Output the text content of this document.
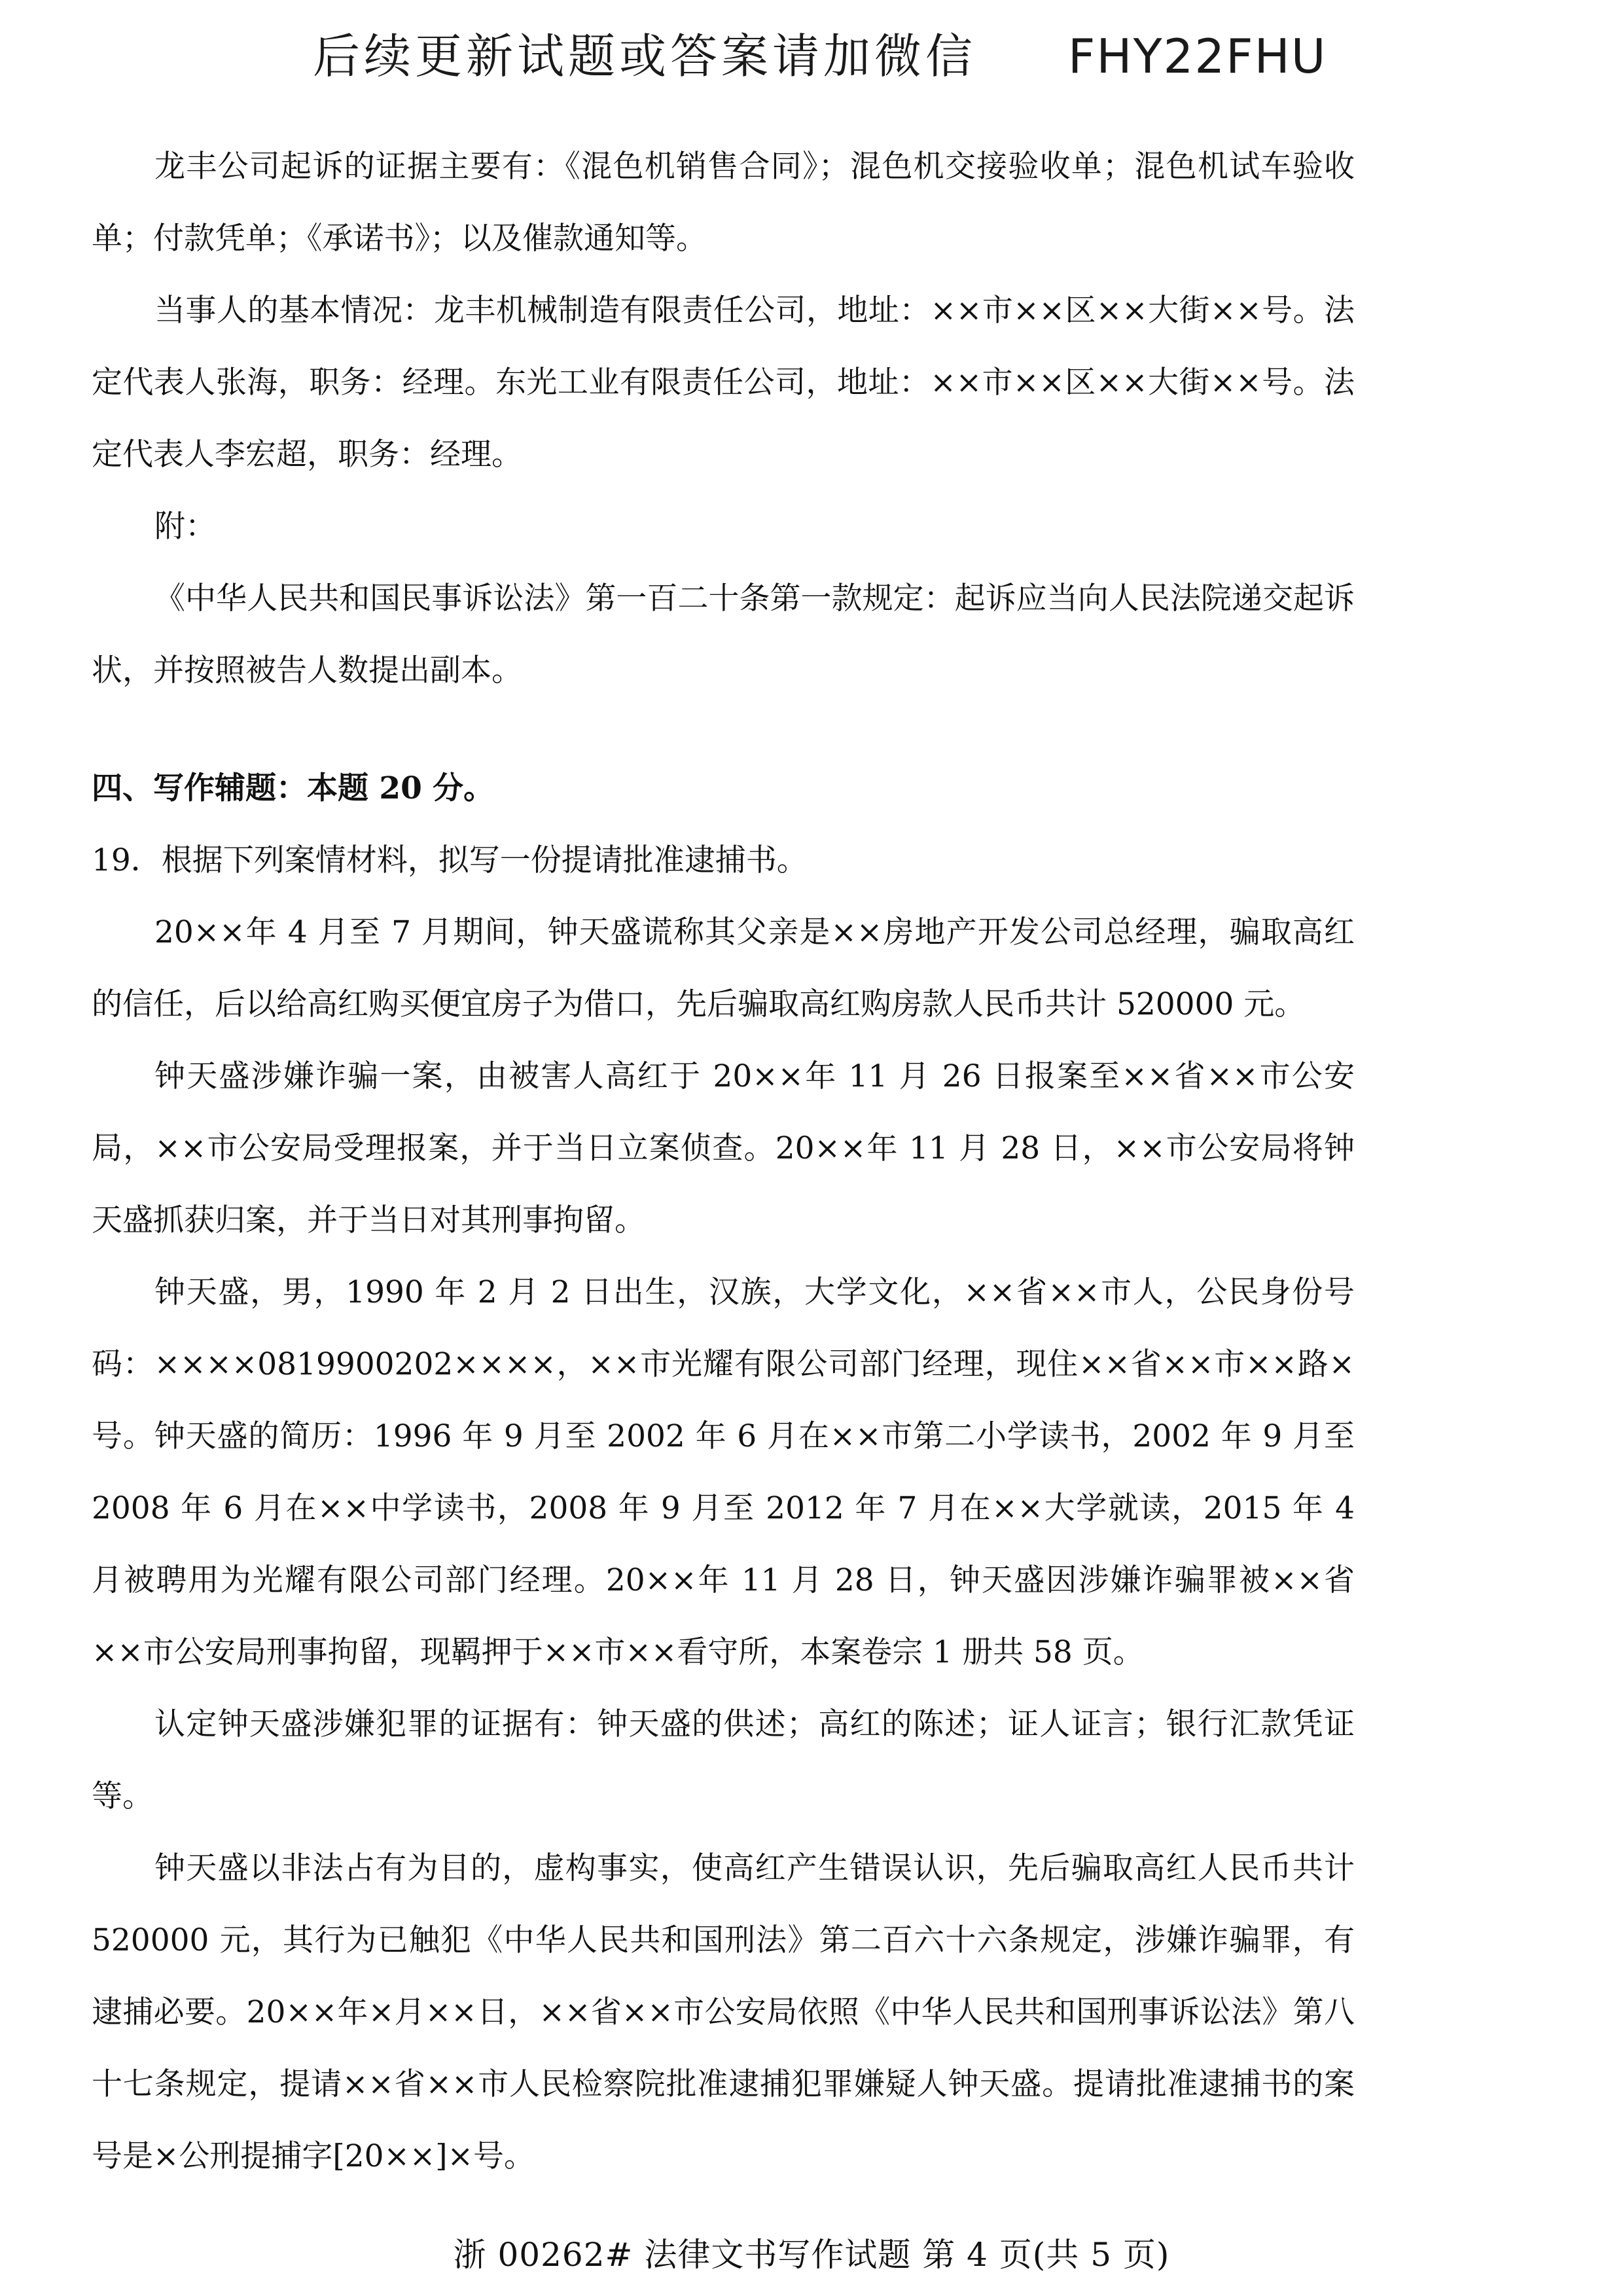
后续更新试题或答案请加微信 FHY22FHU

龙丰公司起诉的证据主要有：《混色机销售合同》；混色机交接验收单；混色机试车验收单；付款凭单；《承诺书》；以及催款通知等。

当事人的基本情况：龙丰机械制造有限责任公司，地址：××市××区××大街××号。法定代表人张海，职务：经理。东光工业有限责任公司，地址：××市××区××大街××号。法定代表人李宏超，职务：经理。

附：

《中华人民共和国民事诉讼法》第一百二十条第一款规定：起诉应当向人民法院递交起诉状，并按照被告人数提出副本。

四、写作辅题：本题 20 分。

19．根据下列案情材料，拟写一份提请批准逮捕书。

20××年 4 月至 7 月期间，钟天盛谎称其父亲是××房地产开发公司总经理，骗取高红的信任，后以给高红购买便宜房子为借口，先后骗取高红购房款人民币共计 520000 元。

钟天盛涉嫌诈骗一案，由被害人高红于 20××年 11 月 26 日报案至××省××市公安局，××市公安局受理报案，并于当日立案侦查。20××年 11 月 28 日，××市公安局将钟天盛抓获归案，并于当日对其刑事拘留。

钟天盛，男，1990 年 2 月 2 日出生，汉族，大学文化，××省××市人，公民身份号码：××××0819900202××××，××市光耀有限公司部门经理，现住××省××市××路×号。钟天盛的简历：1996 年 9 月至 2002 年 6 月在××市第二小学读书，2002 年 9 月至 2008 年 6 月在××中学读书，2008 年 9 月至 2012 年 7 月在××大学就读，2015 年 4 月被聘用为光耀有限公司部门经理。20××年 11 月 28 日，钟天盛因涉嫌诈骗罪被××省××市公安局刑事拘留，现羁押于××市××看守所，本案卷宗 1 册共 58 页。

认定钟天盛涉嫌犯罪的证据有：钟天盛的供述；高红的陈述；证人证言；银行汇款凭证等。

钟天盛以非法占有为目的，虚构事实，使高红产生错误认识，先后骗取高红人民币共计 520000 元，其行为已触犯《中华人民共和国刑法》第二百六十六条规定，涉嫌诈骗罪，有逮捕必要。20××年×月××日，××省××市公安局依照《中华人民共和国刑事诉讼法》第八十七条规定，提请××省××市人民检察院批准逮捕犯罪嫌疑人钟天盛。提请批准逮捕书的案号是×公刑提捕字[20××]×号。

浙 00262# 法律文书写作试题 第 4 页(共 5 页)
